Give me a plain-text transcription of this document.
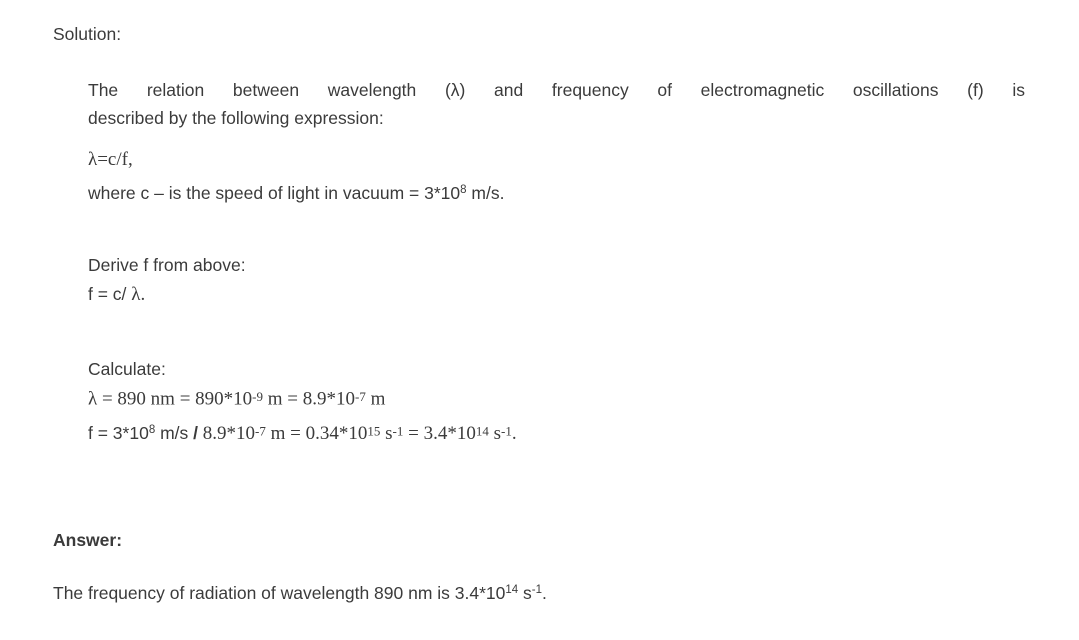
Solution:
The relation between wavelength (λ) and frequency of electromagnetic oscillations (f) is
described by the following expression:
λ=c/f,
where c – is the speed of light in vacuum = $3*10^8$ m/s.
Derive f from above:
f = c/ λ.
Calculate:
λ = 890 nm = 890*10-9 m = 8.9*10-7 m
$f = 3*10^8$ m/s / 8.9*10-7 m = 0.34*1015 s-1 = 3.4*1014 s-1.
Answer:
The frequency of radiation of wavelength 890 nm is $3.4*10^{14}$ $s^{-1}$.
